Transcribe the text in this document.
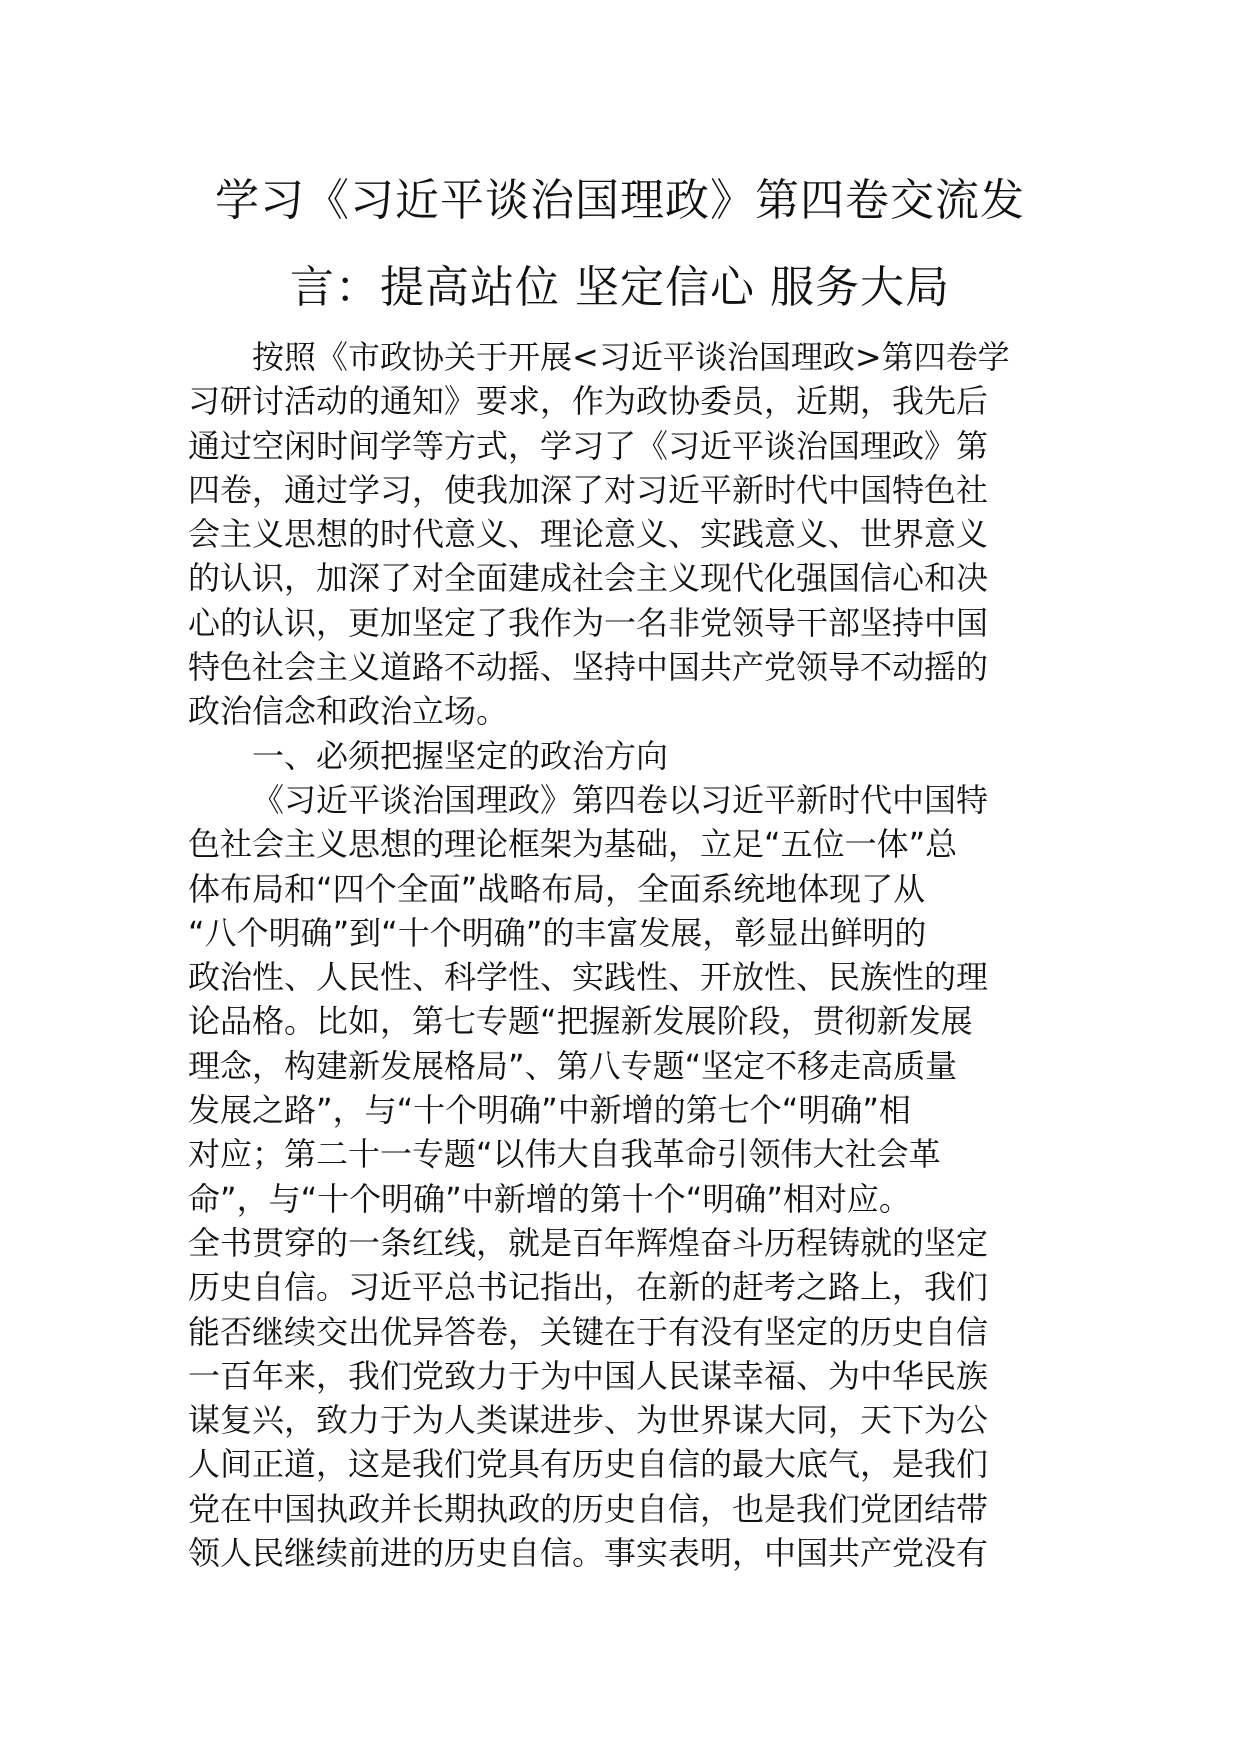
学习《习近平谈治国理政》第四卷交流发
言：提高站位 坚定信心 服务大局
按照《市政协关于开展<习近平谈治国理政>第四卷学
习研讨活动的通知》要求，作为政协委员，近期，我先后
通过空闲时间学等方式，学习了《习近平谈治国理政》第
四卷，通过学习，使我加深了对习近平新时代中国特色社
会主义思想的时代意义、理论意义、实践意义、世界意义
的认识，加深了对全面建成社会主义现代化强国信心和决
心的认识，更加坚定了我作为一名非党领导干部坚持中国
特色社会主义道路不动摇、坚持中国共产党领导不动摇的
政治信念和政治立场。
一、必须把握坚定的政治方向
《习近平谈治国理政》第四卷以习近平新时代中国特
色社会主义思想的理论框架为基础，立足“五位一体”总
体布局和“四个全面”战略布局，全面系统地体现了从
“八个明确”到“十个明确”的丰富发展，彰显出鲜明的
政治性、人民性、科学性、实践性、开放性、民族性的理
论品格。比如，第七专题“把握新发展阶段，贯彻新发展
理念，构建新发展格局”、第八专题“坚定不移走高质量
发展之路”，与“十个明确”中新增的第七个“明确”相
对应；第二十一专题“以伟大自我革命引领伟大社会革
命”，与“十个明确”中新增的第十个“明确”相对应。
全书贯穿的一条红线，就是百年辉煌奋斗历程铸就的坚定
历史自信。习近平总书记指出，在新的赶考之路上，我们
能否继续交出优异答卷，关键在于有没有坚定的历史自信
一百年来，我们党致力于为中国人民谋幸福、为中华民族
谋复兴，致力于为人类谋进步、为世界谋大同，天下为公
人间正道，这是我们党具有历史自信的最大底气，是我们
党在中国执政并长期执政的历史自信，也是我们党团结带
领人民继续前进的历史自信。事实表明，中国共产党没有
